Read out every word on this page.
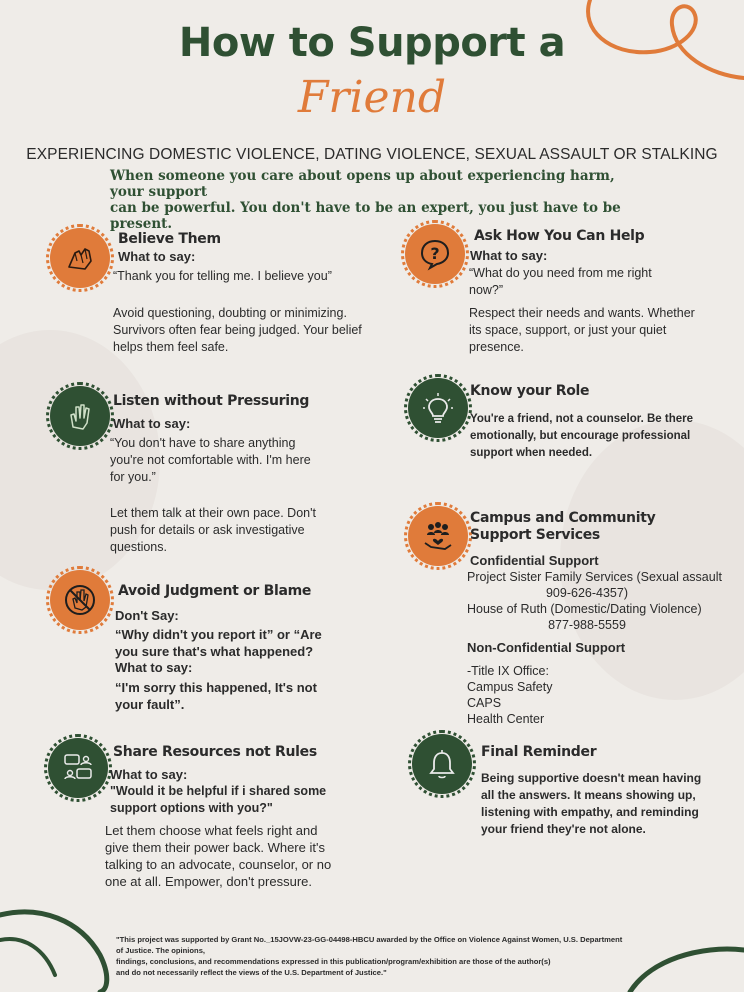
How to Support a
Friend
EXPERIENCING DOMESTIC VIOLENCE, DATING VIOLENCE, SEXUAL ASSAULT OR STALKING
When someone you care about opens up about experiencing harm, your support
can be powerful. You don't have to be an expert, you just have to be present.
Believe Them
What to say:
“Thank you for telling me. I believe you”
Avoid questioning, doubting or minimizing.
Survivors often fear being judged. Your belief
helps them feel safe.
?
Ask How You Can Help
What to say:
“What do you need from me right
now?”
Respect their needs and wants. Whether
its space, support, or just your quiet
presence.
Listen without Pressuring
What to say:
“You don't have to share anything
you're not comfortable with. I'm here
for you.”
Let them talk at their own pace. Don't
push for details or ask investigative
questions.
Know your Role
You're a friend, not a counselor. Be there
emotionally, but encourage professional
support when needed.
Campus and Community
Support Services
Confidential Support
Project Sister Family Services (Sexual assault
909-626-4357)
House of Ruth (Domestic/Dating Violence)
877-988-5559
Non-Confidential Support
-Title IX Office:
Campus Safety
CAPS
Health Center
Avoid Judgment or Blame
Don't Say:
“Why didn't you report it” or “Are
you sure that's what happened?
What to say:
“I'm sorry this happened, It's not
your fault”.
Share Resources not Rules
What to say:
"Would it be helpful if i shared some
support options with you?"
Let them choose what feels right and
give them their power back. Where it's
talking to an advocate, counselor, or no
one at all. Empower, don't pressure.
Final Reminder
Being supportive doesn't mean having
all the answers. It means showing up,
listening with empathy, and reminding
your friend they're not alone.
"This project was supported by Grant No._15JOVW-23-GG-04498-HBCU awarded by the Office on Violence Against Women, U.S. Department
of Justice. The opinions,
findings, conclusions, and recommendations expressed in this publication/program/exhibition are those of the author(s)
and do not necessarily reflect the views of the U.S. Department of Justice."
